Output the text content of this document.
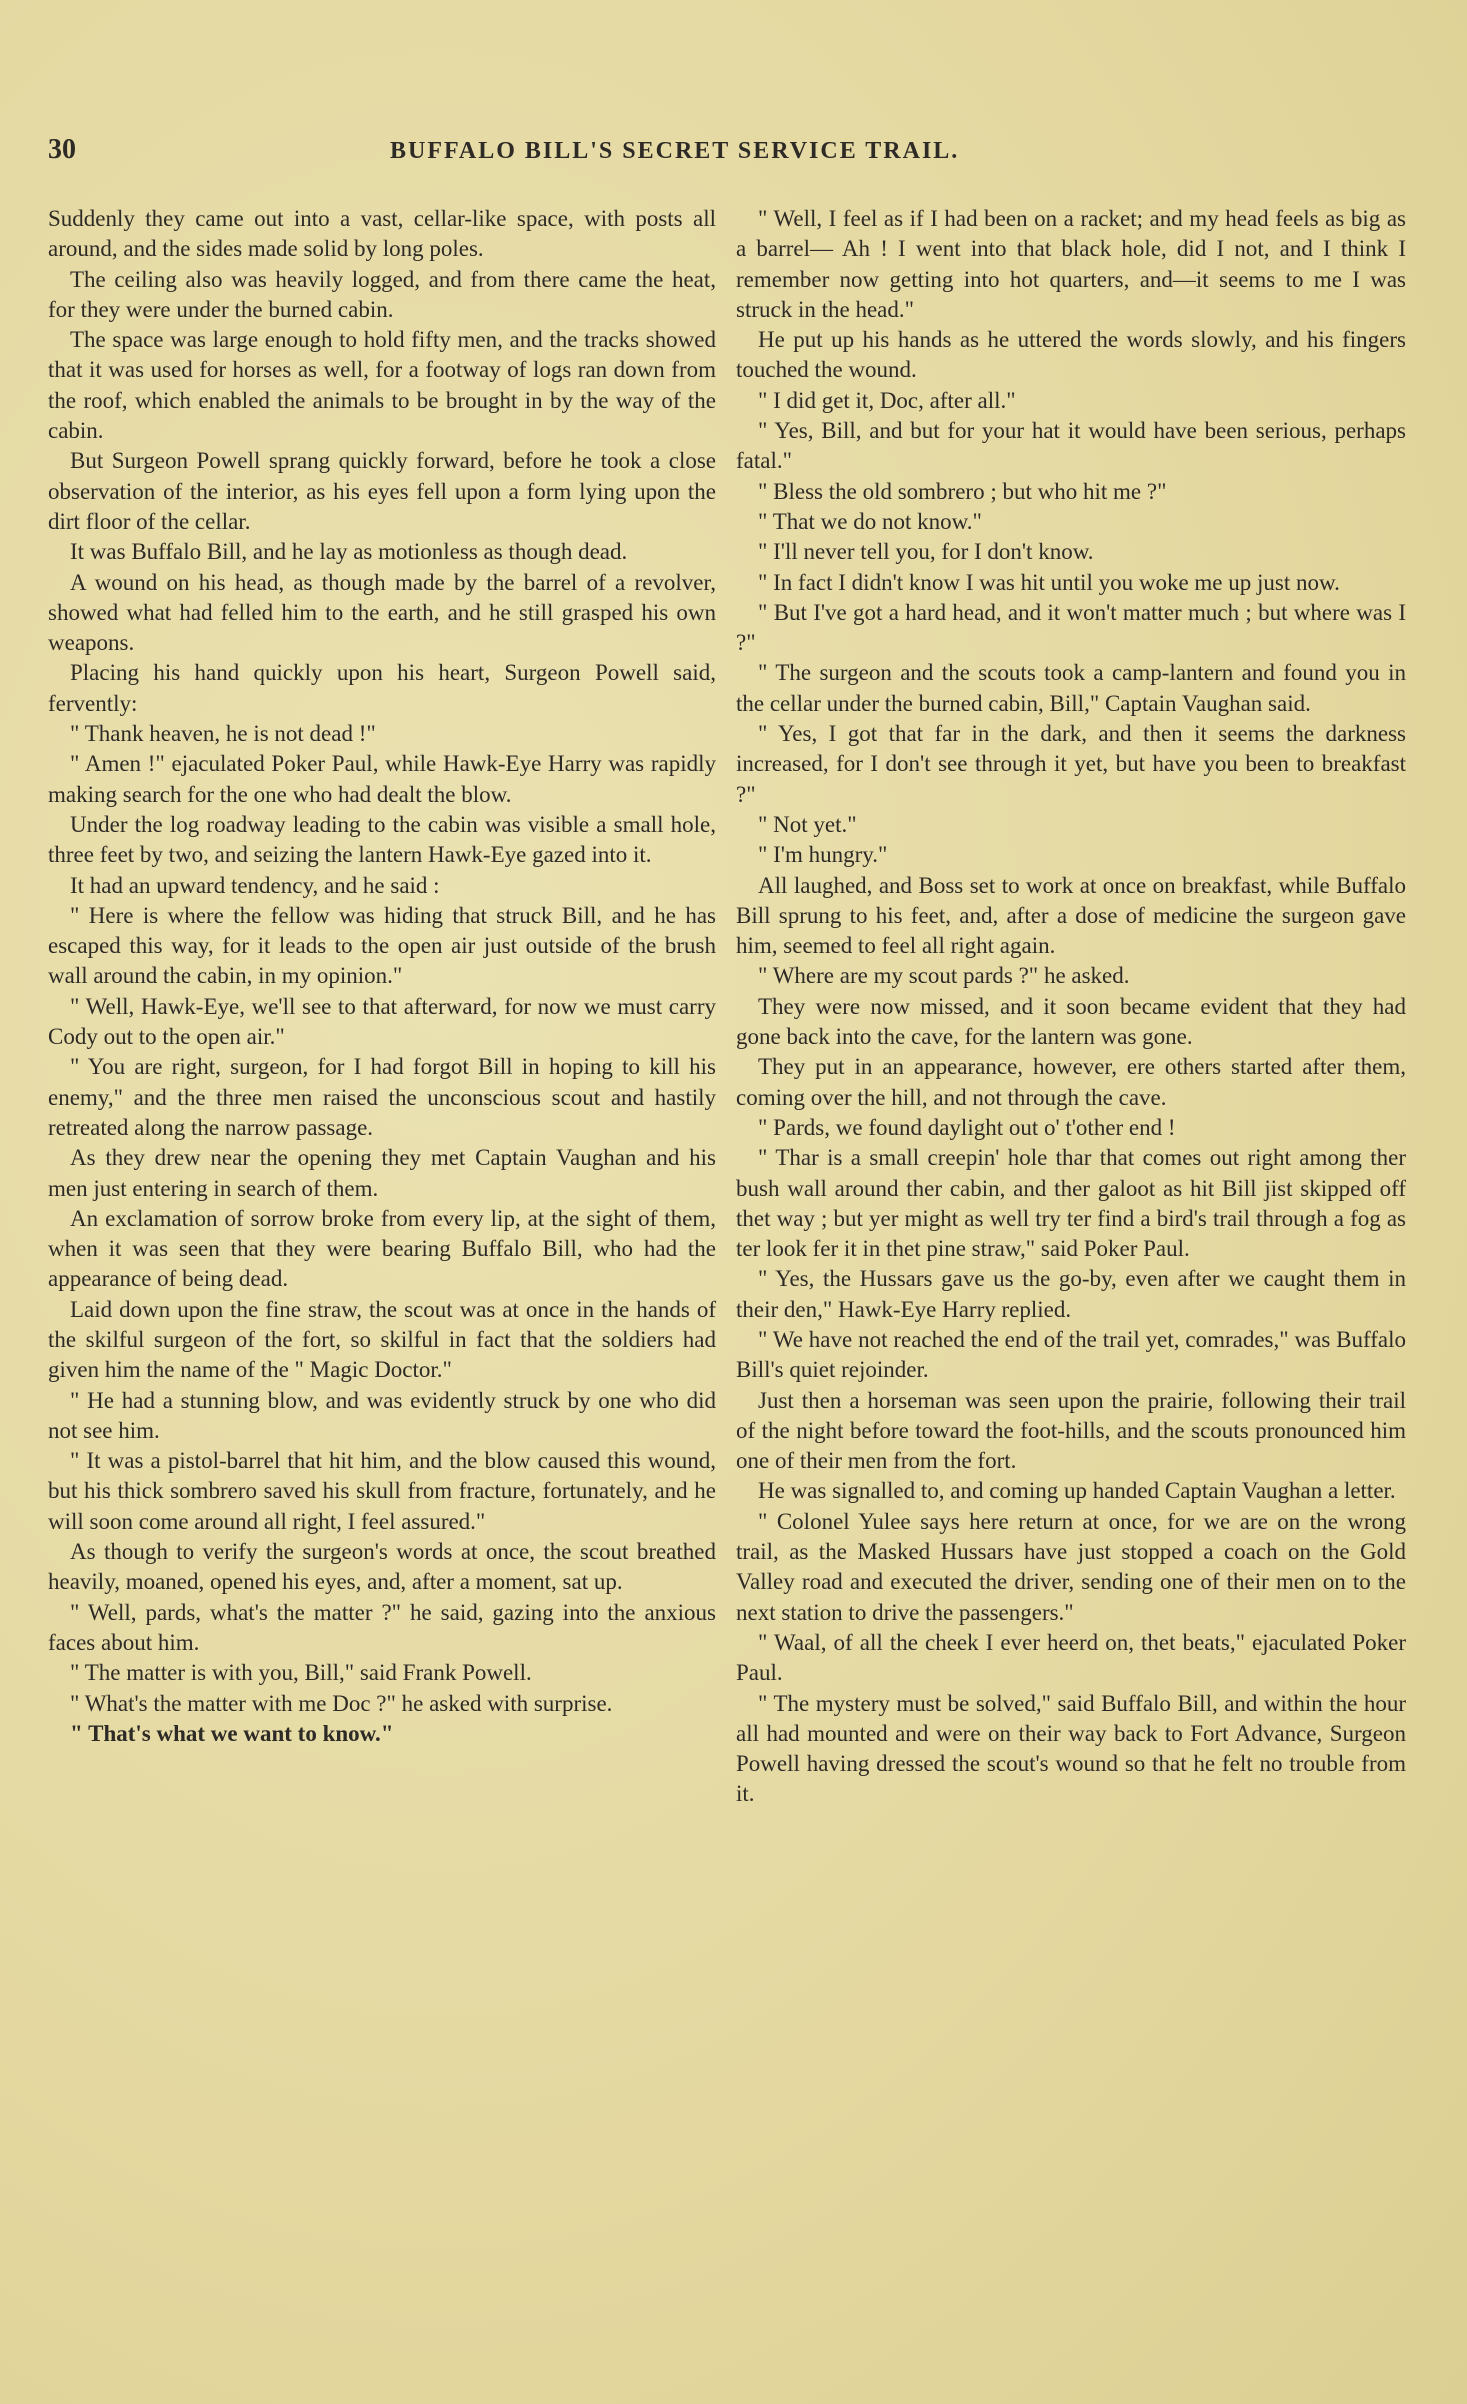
30	BUFFALO BILL'S SECRET SERVICE TRAIL.

Suddenly they came out into a vast, cellar-like space, with posts all around, and the sides made solid by long poles.

The ceiling also was heavily logged, and from there came the heat, for they were under the burned cabin.

The space was large enough to hold fifty men, and the tracks showed that it was used for horses as well, for a footway of logs ran down from the roof, which enabled the animals to be brought in by the way of the cabin.

But Surgeon Powell sprang quickly forward, before he took a close observation of the interior, as his eyes fell upon a form lying upon the dirt floor of the cellar.

It was Buffalo Bill, and he lay as motionless as though dead.

A wound on his head, as though made by the barrel of a revolver, showed what had felled him to the earth, and he still grasped his own weapons.

Placing his hand quickly upon his heart, Surgeon Powell said, fervently:

" Thank heaven, he is not dead !"

" Amen !" ejaculated Poker Paul, while Hawk-Eye Harry was rapidly making search for the one who had dealt the blow.

Under the log roadway leading to the cabin was visible a small hole, three feet by two, and seizing the lantern Hawk-Eye gazed into it.

It had an upward tendency, and he said :

" Here is where the fellow was hiding that struck Bill, and he has escaped this way, for it leads to the open air just outside of the brush wall around the cabin, in my opinion."

" Well, Hawk-Eye, we'll see to that afterward, for now we must carry Cody out to the open air."

" You are right, surgeon, for I had forgot Bill in hoping to kill his enemy," and the three men raised the unconscious scout and hastily retreated along the narrow passage.

As they drew near the opening they met Captain Vaughan and his men just entering in search of them.

An exclamation of sorrow broke from every lip, at the sight of them, when it was seen that they were bearing Buffalo Bill, who had the appearance of being dead.

Laid down upon the fine straw, the scout was at once in the hands of the skilful surgeon of the fort, so skilful in fact that the soldiers had given him the name of the " Magic Doctor."

" He had a stunning blow, and was evidently struck by one who did not see him.

" It was a pistol-barrel that hit him, and the blow caused this wound, but his thick sombrero saved his skull from fracture, fortunately, and he will soon come around all right, I feel assured."

As though to verify the surgeon's words at once, the scout breathed heavily, moaned, opened his eyes, and, after a moment, sat up.

" Well, pards, what's the matter ?" he said, gazing into the anxious faces about him.

" The matter is with you, Bill," said Frank Powell.

" What's the matter with me Doc ?" he asked with surprise.

" That's what we want to know."

" Well, I feel as if I had been on a racket; and my head feels as big as a barrel— Ah ! I went into that black hole, did I not, and I think I remember now getting into hot quarters, and—it seems to me I was struck in the head."

He put up his hands as he uttered the words slowly, and his fingers touched the wound.

" I did get it, Doc, after all."

" Yes, Bill, and but for your hat it would have been serious, perhaps fatal."

" Bless the old sombrero ; but who hit me ?"

" That we do not know."

" I'll never tell you, for I don't know.

" In fact I didn't know I was hit until you woke me up just now.

" But I've got a hard head, and it won't matter much ; but where was I ?"

" The surgeon and the scouts took a camp-lantern and found you in the cellar under the burned cabin, Bill," Captain Vaughan said.

" Yes, I got that far in the dark, and then it seems the darkness increased, for I don't see through it yet, but have you been to breakfast ?"

" Not yet."

" I'm hungry."

All laughed, and Boss set to work at once on breakfast, while Buffalo Bill sprung to his feet, and, after a dose of medicine the surgeon gave him, seemed to feel all right again.

" Where are my scout pards ?" he asked.

They were now missed, and it soon became evident that they had gone back into the cave, for the lantern was gone.

They put in an appearance, however, ere others started after them, coming over the hill, and not through the cave.

" Pards, we found daylight out o' t'other end !

" Thar is a small creepin' hole thar that comes out right among ther bush wall around ther cabin, and ther galoot as hit Bill jist skipped off thet way ; but yer might as well try ter find a bird's trail through a fog as ter look fer it in thet pine straw," said Poker Paul.

" Yes, the Hussars gave us the go-by, even after we caught them in their den," Hawk-Eye Harry replied.

" We have not reached the end of the trail yet, comrades," was Buffalo Bill's quiet rejoinder.

Just then a horseman was seen upon the prairie, following their trail of the night before toward the foot-hills, and the scouts pronounced him one of their men from the fort.

He was signalled to, and coming up handed Captain Vaughan a letter.

" Colonel Yulee says here return at once, for we are on the wrong trail, as the Masked Hussars have just stopped a coach on the Gold Valley road and executed the driver, sending one of their men on to the next station to drive the passengers."

" Waal, of all the cheek I ever heerd on, thet beats," ejaculated Poker Paul.

" The mystery must be solved," said Buffalo Bill, and within the hour all had mounted and were on their way back to Fort Advance, Surgeon Powell having dressed the scout's wound so that he felt no trouble from it.
